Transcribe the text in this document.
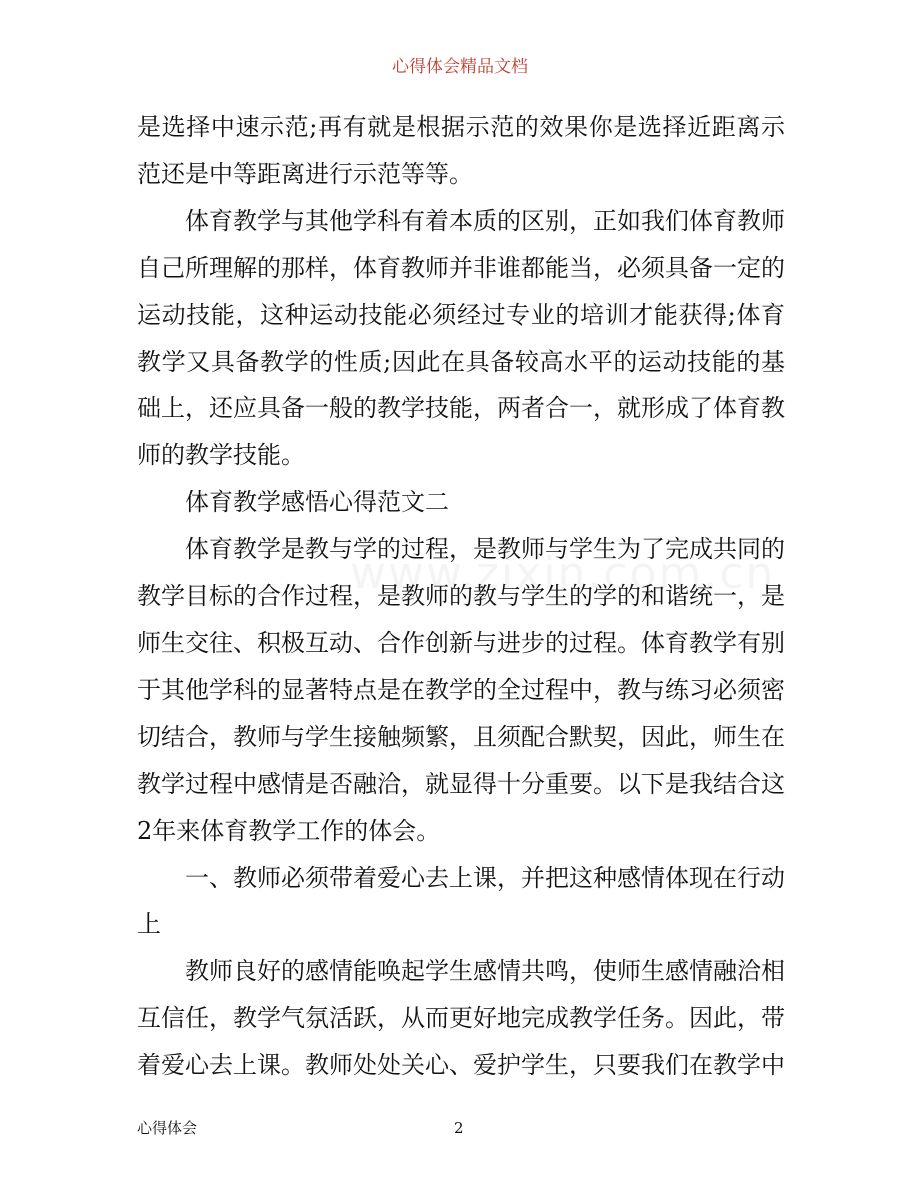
心得体会精品文档

是选择中速示范;再有就是根据示范的效果你是选择近距离示范还是中等距离进行示范等等。

体育教学与其他学科有着本质的区别，正如我们体育教师自己所理解的那样，体育教师并非谁都能当，必须具备一定的运动技能，这种运动技能必须经过专业的培训才能获得;体育教学又具备教学的性质;因此在具备较高水平的运动技能的基础上，还应具备一般的教学技能，两者合一，就形成了体育教师的教学技能。

体育教学感悟心得范文二

体育教学是教与学的过程，是教师与学生为了完成共同的教学目标的合作过程，是教师的教与学生的学的和谐统一，是师生交往、积极互动、合作创新与进步的过程。体育教学有别于其他学科的显著特点是在教学的全过程中，教与练习必须密切结合，教师与学生接触频繁，且须配合默契，因此，师生在教学过程中感情是否融洽，就显得十分重要。以下是我结合这2年来体育教学工作的体会。

一、教师必须带着爱心去上课，并把这种感情体现在行动上

教师良好的感情能唤起学生感情共鸣，使师生感情融洽相互信任，教学气氛活跃，从而更好地完成教学任务。因此，带着爱心去上课。教师处处关心、爱护学生，只要我们在教学中

心得体会	2
